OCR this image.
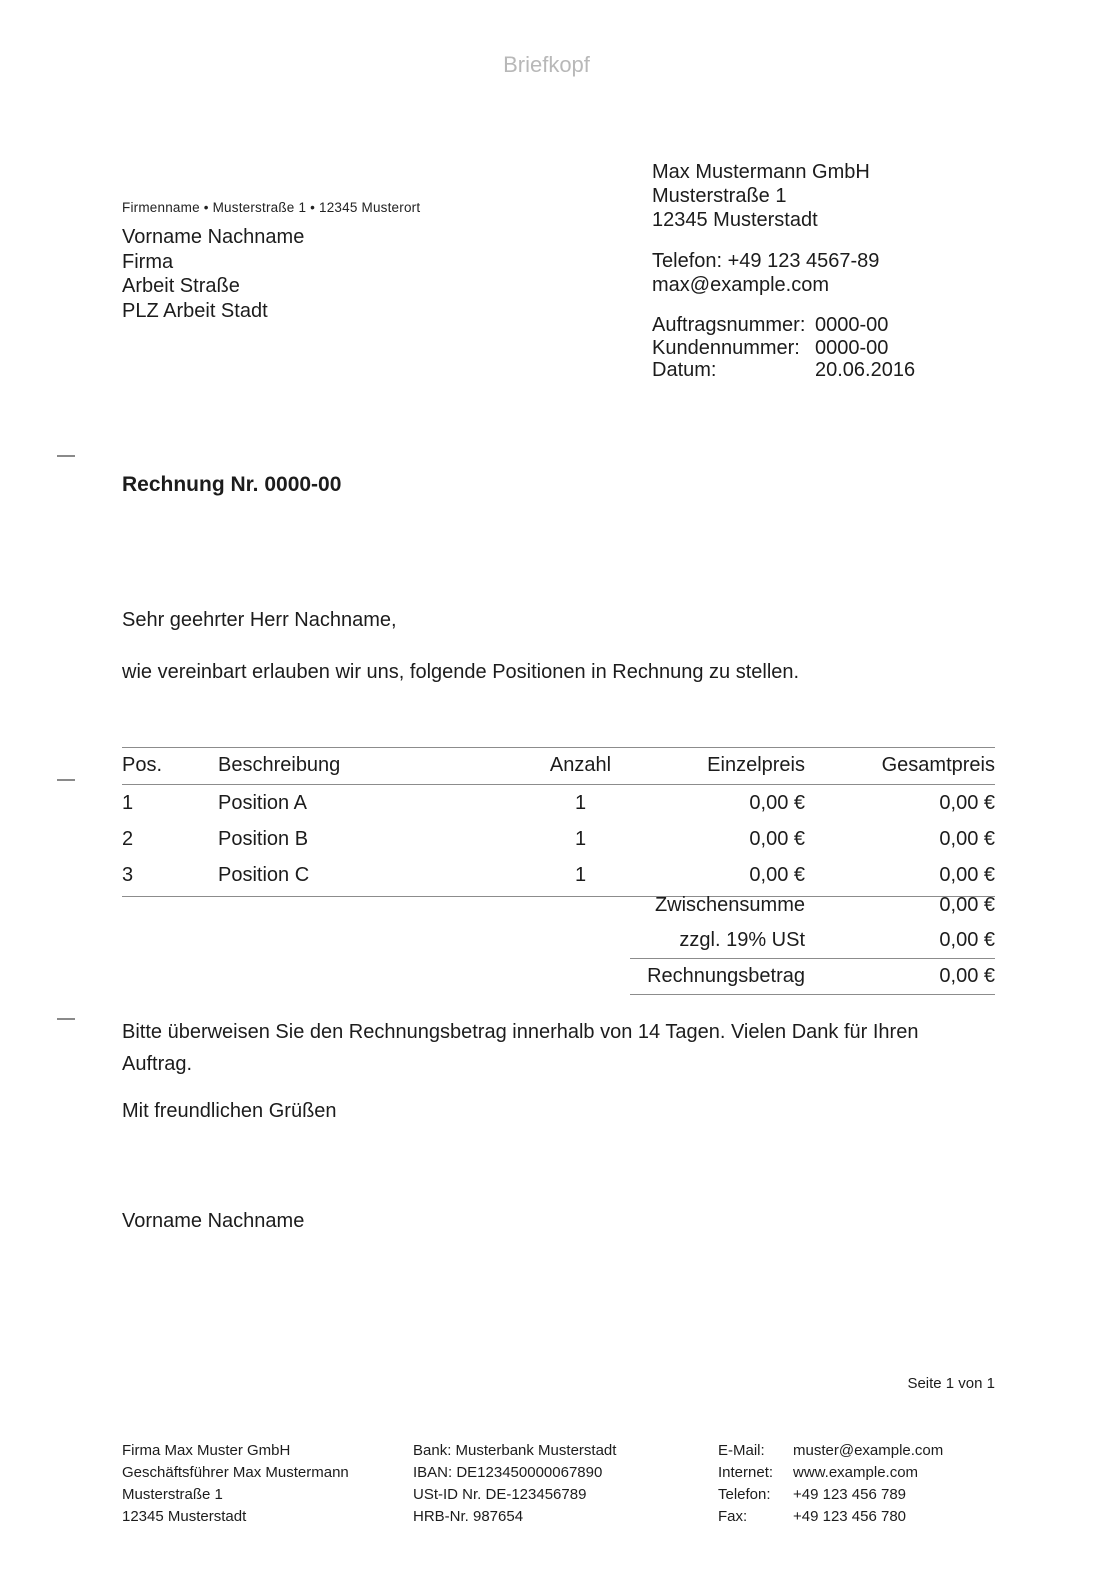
Briefkopf
Firmenname • Musterstraße 1 • 12345 Musterort
Vorname Nachname
Firma
Arbeit Straße
PLZ Arbeit Stadt
Max Mustermann GmbH
Musterstraße 1
12345 Musterstadt
Telefon: +49 123 4567-89
max@example.com
Auftragsnummer: 0000-00
Kundennummer: 0000-00
Datum:	20.06.2016
Rechnung Nr. 0000-00
Sehr geehrter Herr Nachname,
wie vereinbart erlauben wir uns, folgende Positionen in Rechnung zu stellen.
Pos.	Beschreibung	Anzahl	Einzelpreis	Gesamtpreis
1	Position A	1	0,00 €	0,00 €
2	Position B	1	0,00 €	0,00 €
3	Position C	1	0,00 €	0,00 €
Zwischensumme	0,00 €
zzgl. 19% USt	0,00 €
Rechnungsbetrag	0,00 €
Bitte überweisen Sie den Rechnungsbetrag innerhalb von 14 Tagen. Vielen Dank für Ihren Auftrag.
Mit freundlichen Grüßen
Vorname Nachname
Seite 1 von 1
Firma Max Muster GmbH
Geschäftsführer Max Mustermann
Musterstraße 1
12345 Musterstadt
Bank: Musterbank Musterstadt
IBAN: DE123450000067890
USt-ID Nr. DE-123456789
HRB-Nr. 987654
E-Mail:	muster@example.com
Internet:	www.example.com
Telefon:	+49 123 456 789
Fax:	+49 123 456 780
